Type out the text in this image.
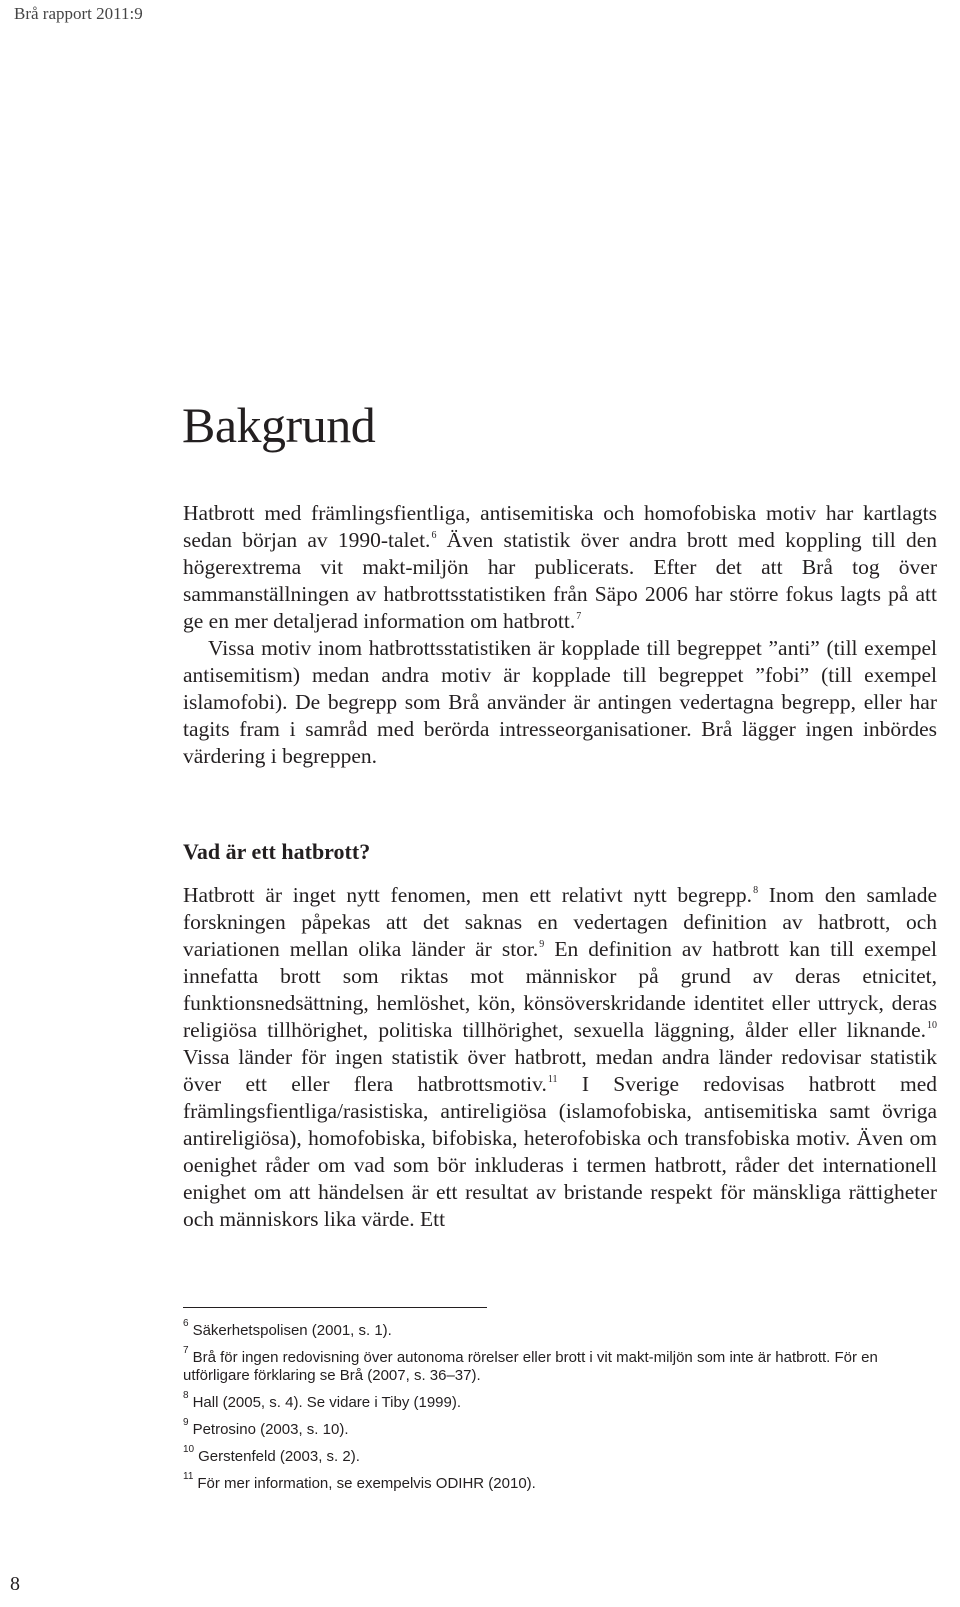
Brå rapport 2011:9
Bakgrund

Hatbrott med främlingsfientliga, antisemitiska och homofobiska motiv har kartlagts sedan början av 1990-talet.$^6$ Även statistik över andra brott med koppling till den högerextrema vit makt-miljön har publicerats. Efter det att Brå tog över sammanställningen av hatbrottsstatistiken från Säpo 2006 har större fokus lagts på att ge en mer detaljerad information om hatbrott.$^7$

Vissa motiv inom hatbrottsstatistiken är kopplade till begreppet ”anti” (till exempel antisemitism) medan andra motiv är kopplade till begreppet ”fobi” (till exempel islamofobi). De begrepp som Brå använder är antingen vedertagna begrepp, eller har tagits fram i samråd med berörda intresseorganisationer. Brå lägger ingen inbördes värdering i begreppen.

Vad är ett hatbrott?

Hatbrott är inget nytt fenomen, men ett relativt nytt begrepp.$^8$ Inom den samlade forskningen påpekas att det saknas en vedertagen definition av hatbrott, och variationen mellan olika länder är stor.$^9$ En definition av hatbrott kan till exempel innefatta brott som riktas mot människor på grund av deras etnicitet, funktionsnedsättning, hemlöshet, kön, könsöverskridande identitet eller uttryck, deras religiösa tillhörighet, politiska tillhörighet, sexuella läggning, ålder eller liknande.$^{10}$ Vissa länder för ingen statistik över hatbrott, medan andra länder redovisar statistik över ett eller flera hatbrottsmotiv.$^{11}$ I Sverige redovisas hatbrott med främlingsfientliga/rasistiska, antireligiösa (islamofobiska, antisemitiska samt övriga antireligiösa), homofobiska, bifobiska, heterofobiska och transfobiska motiv. Även om oenighet råder om vad som bör inkluderas i termen hatbrott, råder det internationell enighet om att händelsen är ett resultat av bristande respekt för mänskliga rättigheter och människors lika värde. Ett

$^6$ Säkerhetspolisen (2001, s. 1).

$^7$ Brå för ingen redovisning över autonoma rörelser eller brott i vit makt-miljön som inte är hatbrott. För en utförligare förklaring se Brå (2007, s. 36–37).

$^8$ Hall (2005, s. 4). Se vidare i Tiby (1999).

$^9$ Petrosino (2003, s. 10).

$^{10}$ Gerstenfeld (2003, s. 2).

$^{11}$ För mer information, se exempelvis ODIHR (2010).

8
